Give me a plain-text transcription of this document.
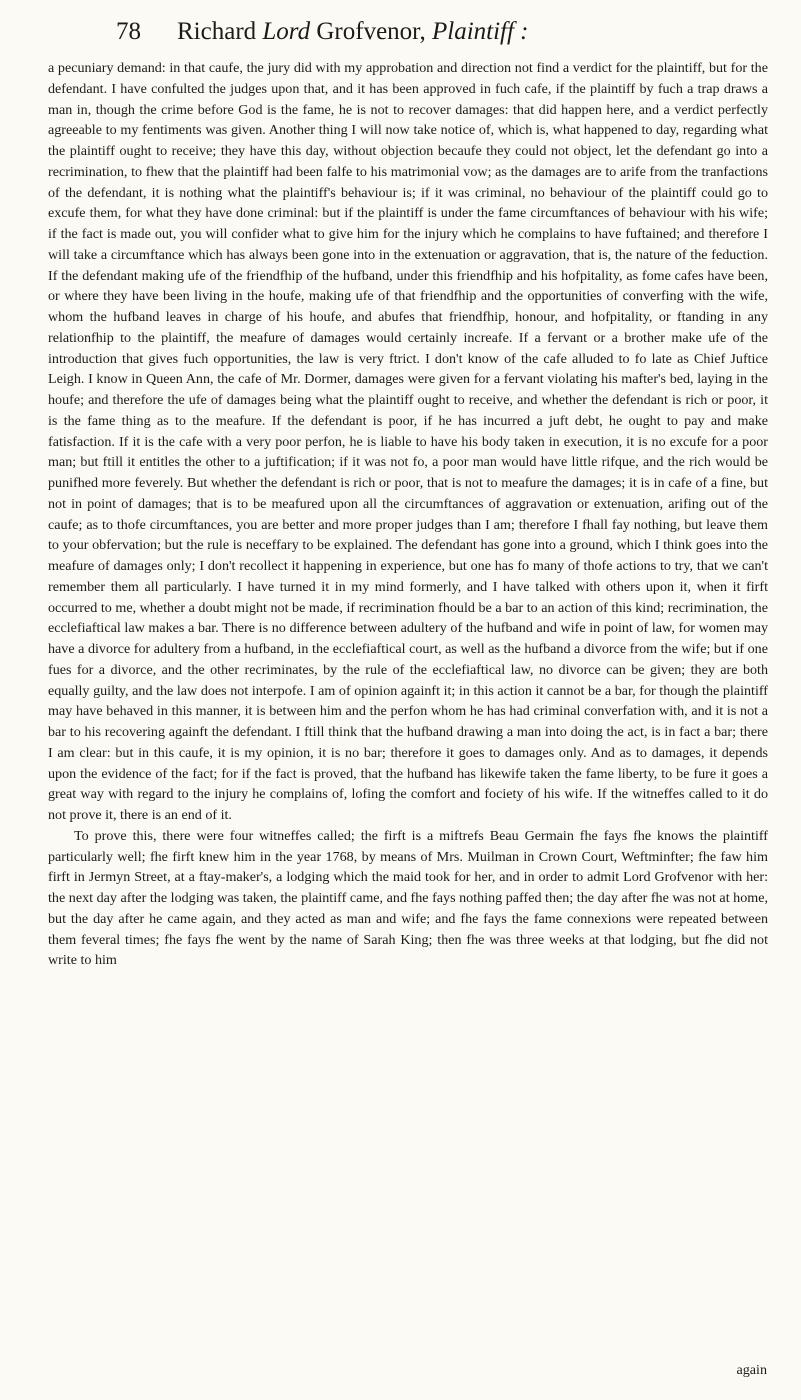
78 Richard Lord Grofvenor, Plaintiff :

a pecuniary demand: in that caufe, the jury did with my approbation and direction not find a verdict for the plaintiff, but for the defendant. I have confulted the judges upon that, and it has been approved in fuch cafe, if the plaintiff by fuch a trap draws a man in, though the crime before God is the fame, he is not to recover damages: that did happen here, and a verdict perfectly agreeable to my fentiments was given. Another thing I will now take notice of, which is, what happened to day, regarding what the plaintiff ought to receive; they have this day, without objection becaufe they could not object, let the defendant go into a recrimination, to fhew that the plaintiff had been falfe to his matrimonial vow; as the damages are to arife from the tranfactions of the defendant, it is nothing what the plaintiff's behaviour is; if it was criminal, no behaviour of the plaintiff could go to excufe them, for what they have done criminal: but if the plaintiff is under the fame circumftances of behaviour with his wife; if the fact is made out, you will confider what to give him for the injury which he complains to have fuftained; and therefore I will take a circumftance which has always been gone into in the extenuation or aggravation, that is, the nature of the feduction. If the defendant making ufe of the friendfhip of the hufband, under this friendfhip and his hofpitality, as fome cafes have been, or where they have been living in the houfe, making ufe of that friendfhip and the opportunities of converfing with the wife, whom the hufband leaves in charge of his houfe, and abufes that friendfhip, honour, and hofpitality, or ftanding in any relationfhip to the plaintiff, the meafure of damages would certainly increafe. If a fervant or a brother make ufe of the introduction that gives fuch opportunities, the law is very ftrict. I don't know of the cafe alluded to fo late as Chief Juftice Leigh. I know in Queen Ann, the cafe of Mr. Dormer, damages were given for a fervant violating his mafter's bed, laying in the houfe; and therefore the ufe of damages being what the plaintiff ought to receive, and whether the defendant is rich or poor, it is the fame thing as to the meafure. If the defendant is poor, if he has incurred a juft debt, he ought to pay and make fatisfaction. If it is the cafe with a very poor perfon, he is liable to have his body taken in execution, it is no excufe for a poor man; but ftill it entitles the other to a juftification; if it was not fo, a poor man would have little rifque, and the rich would be punifhed more feverely. But whether the defendant is rich or poor, that is not to meafure the damages; it is in cafe of a fine, but not in point of damages; that is to be meafured upon all the circumftances of aggravation or extenuation, arifing out of the caufe; as to thofe circumftances, you are better and more proper judges than I am; therefore I fhall fay nothing, but leave them to your obfervation; but the rule is neceffary to be explained. The defendant has gone into a ground, which I think goes into the meafure of damages only; I don't recollect it happening in experience, but one has fo many of thofe actions to try, that we can't remember them all particularly. I have turned it in my mind formerly, and I have talked with others upon it, when it firft occurred to me, whether a doubt might not be made, if recrimination fhould be a bar to an action of this kind; recrimination, the ecclefiaftical law makes a bar. There is no difference between adultery of the hufband and wife in point of law, for women may have a divorce for adultery from a hufband, in the ecclefiaftical court, as well as the hufband a divorce from the wife; but if one fues for a divorce, and the other recriminates, by the rule of the ecclefiaftical law, no divorce can be given; they are both equally guilty, and the law does not interpofe. I am of opinion againft it; in this action it cannot be a bar, for though the plaintiff may have behaved in this manner, it is between him and the perfon whom he has had criminal converfation with, and it is not a bar to his recovering againft the defendant. I ftill think that the hufband drawing a man into doing the act, is in fact a bar; there I am clear: but in this caufe, it is my opinion, it is no bar; therefore it goes to damages only. And as to damages, it depends upon the evidence of the fact; for if the fact is proved, that the hufband has likewife taken the fame liberty, to be fure it goes a great way with regard to the injury he complains of, lofing the comfort and fociety of his wife. If the witneffes called to it do not prove it, there is an end of it.

To prove this, there were four witneffes called; the firft is a miftrefs Beau Germain fhe fays fhe knows the plaintiff particularly well; fhe firft knew him in the year 1768, by means of Mrs. Muilman in Crown Court, Weftminfter; fhe faw him firft in Jermyn Street, at a ftay-maker's, a lodging which the maid took for her, and in order to admit Lord Grofvenor with her: the next day after the lodging was taken, the plaintiff came, and fhe fays nothing paffed then; the day after fhe was not at home, but the day after he came again, and they acted as man and wife; and fhe fays the fame connexions were repeated between them feveral times; fhe fays fhe went by the name of Sarah King; then fhe was three weeks at that lodging, but fhe did not write to him

again
